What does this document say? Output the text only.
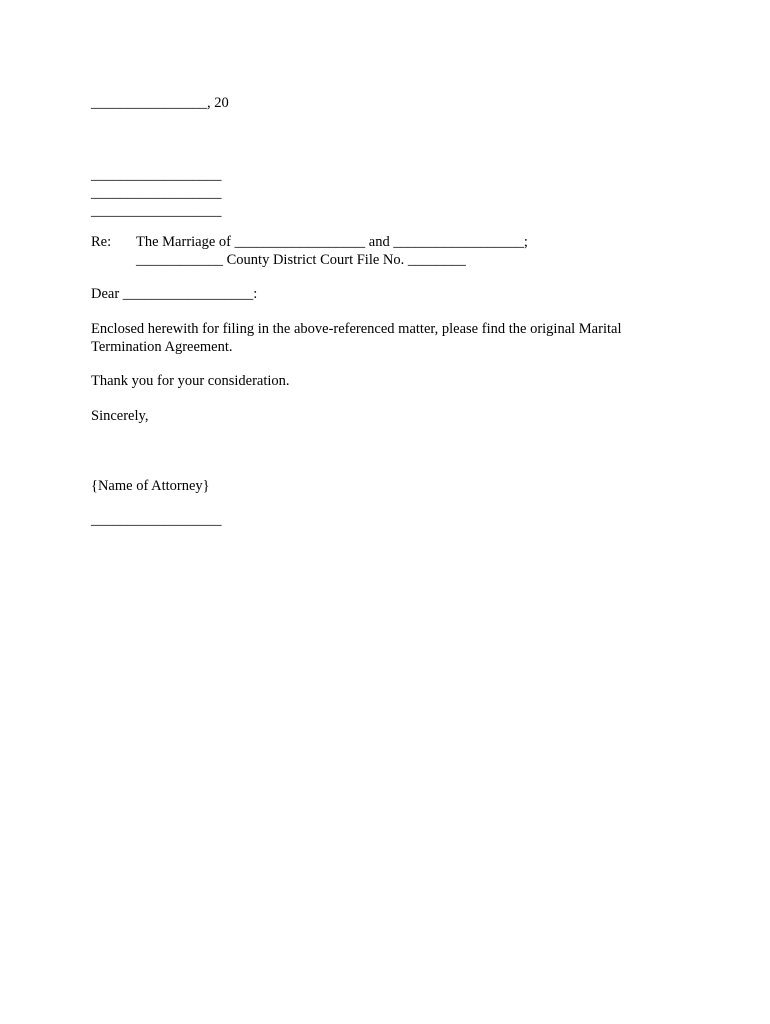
________________, 20
__________________
__________________
__________________
Re: The Marriage of __________________ and __________________;
____________ County District Court File No. ________
Dear __________________:
Enclosed herewith for filing in the above-referenced matter, please find the original Marital
Termination Agreement.
Thank you for your consideration.
Sincerely,
{Name of Attorney}
__________________
